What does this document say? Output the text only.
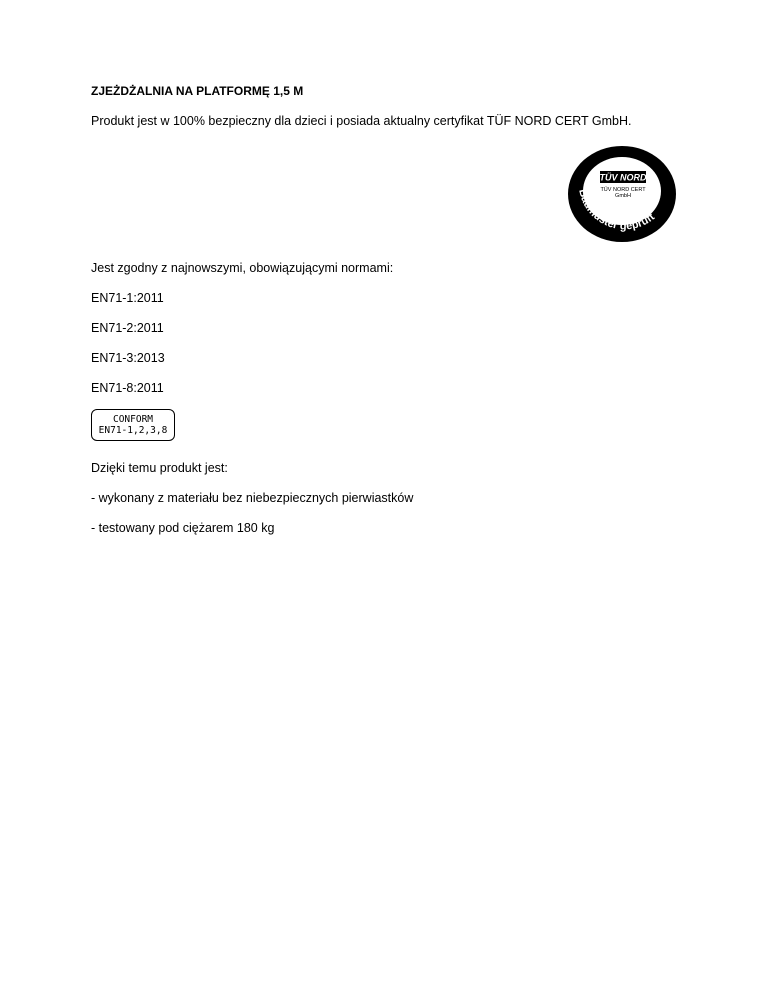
ZJEŻDŻALNIA NA PLATFORMĘ 1,5 M
Produkt jest w 100% bezpieczny dla dzieci i posiada aktualny certyfikat TÜF NORD CERT GmbH.
TÜV NORD
TÜV NORD CERT
GmbH
Baumuster geprüft
Jest zgodny z najnowszymi, obowiązującymi normami:
EN71-1:2011
EN71-2:2011
EN71-3:2013
EN71-8:2011
CONFORM
EN71-1,2,3,8
Dzięki temu produkt jest:
- wykonany z materiału bez niebezpiecznych pierwiastków
- testowany pod ciężarem 180 kg
